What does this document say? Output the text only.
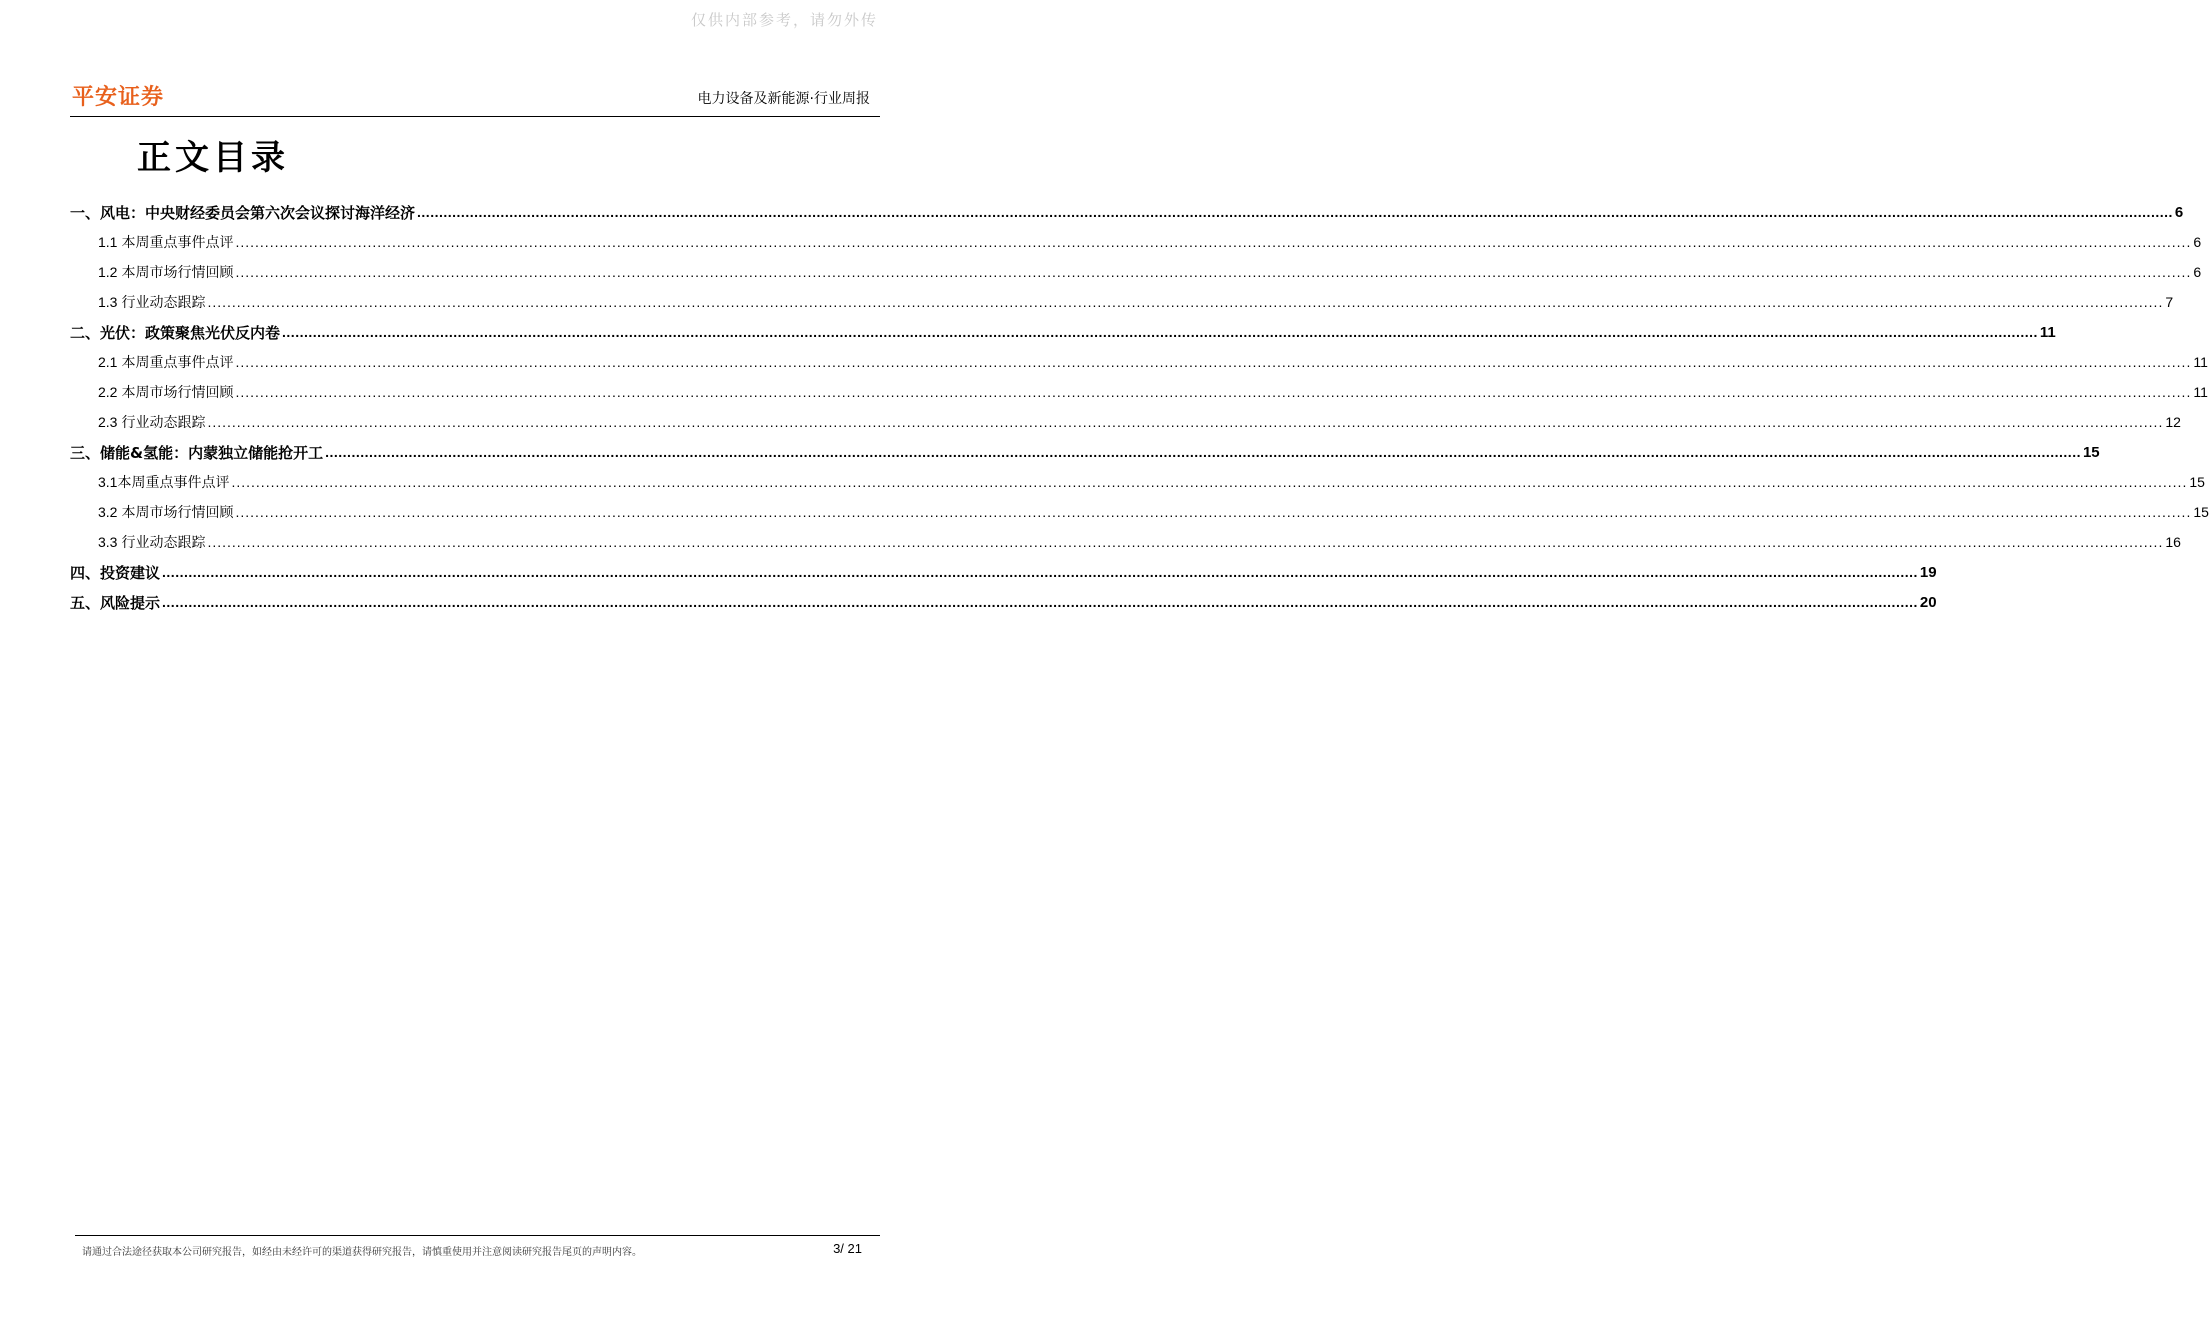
仅供内部参考，请勿外传
平安证券	电力设备及新能源·行业周报
正文目录
一、 风电：中央财经委员会第六次会议探讨海洋经济 ................................................................................................................................................................................................................................................................................................................................................................................................................ 6
1.1 本周重点事件点评 ................................................................................................................................................................................................................................................................................................................................................................................................................ 6
1.2 本周市场行情回顾 ................................................................................................................................................................................................................................................................................................................................................................................................................ 6
1.3 行业动态跟踪 ................................................................................................................................................................................................................................................................................................................................................................................................................ 7
二、 光伏：政策聚焦光伏反内卷 ................................................................................................................................................................................................................................................................................................................................................................................................................ 11
2.1 本周重点事件点评 ................................................................................................................................................................................................................................................................................................................................................................................................................ 11
2.2 本周市场行情回顾 ................................................................................................................................................................................................................................................................................................................................................................................................................ 11
2.3 行业动态跟踪 ................................................................................................................................................................................................................................................................................................................................................................................................................ 12
三、 储能&氢能：内蒙独立储能抢开工 ................................................................................................................................................................................................................................................................................................................................................................................................................ 15
3.1 本周重点事件点评 ................................................................................................................................................................................................................................................................................................................................................................................................................ 15
3.2 本周市场行情回顾 ................................................................................................................................................................................................................................................................................................................................................................................................................ 15
3.3 行业动态跟踪 ................................................................................................................................................................................................................................................................................................................................................................................................................ 16
四、 投资建议 ................................................................................................................................................................................................................................................................................................................................................................................................................ 19
五、 风险提示 ................................................................................................................................................................................................................................................................................................................................................................................................................ 20
请通过合法途径获取本公司研究报告，如经由未经许可的渠道获得研究报告，请慎重使用并注意阅读研究报告尾页的声明内容。	3/ 21
